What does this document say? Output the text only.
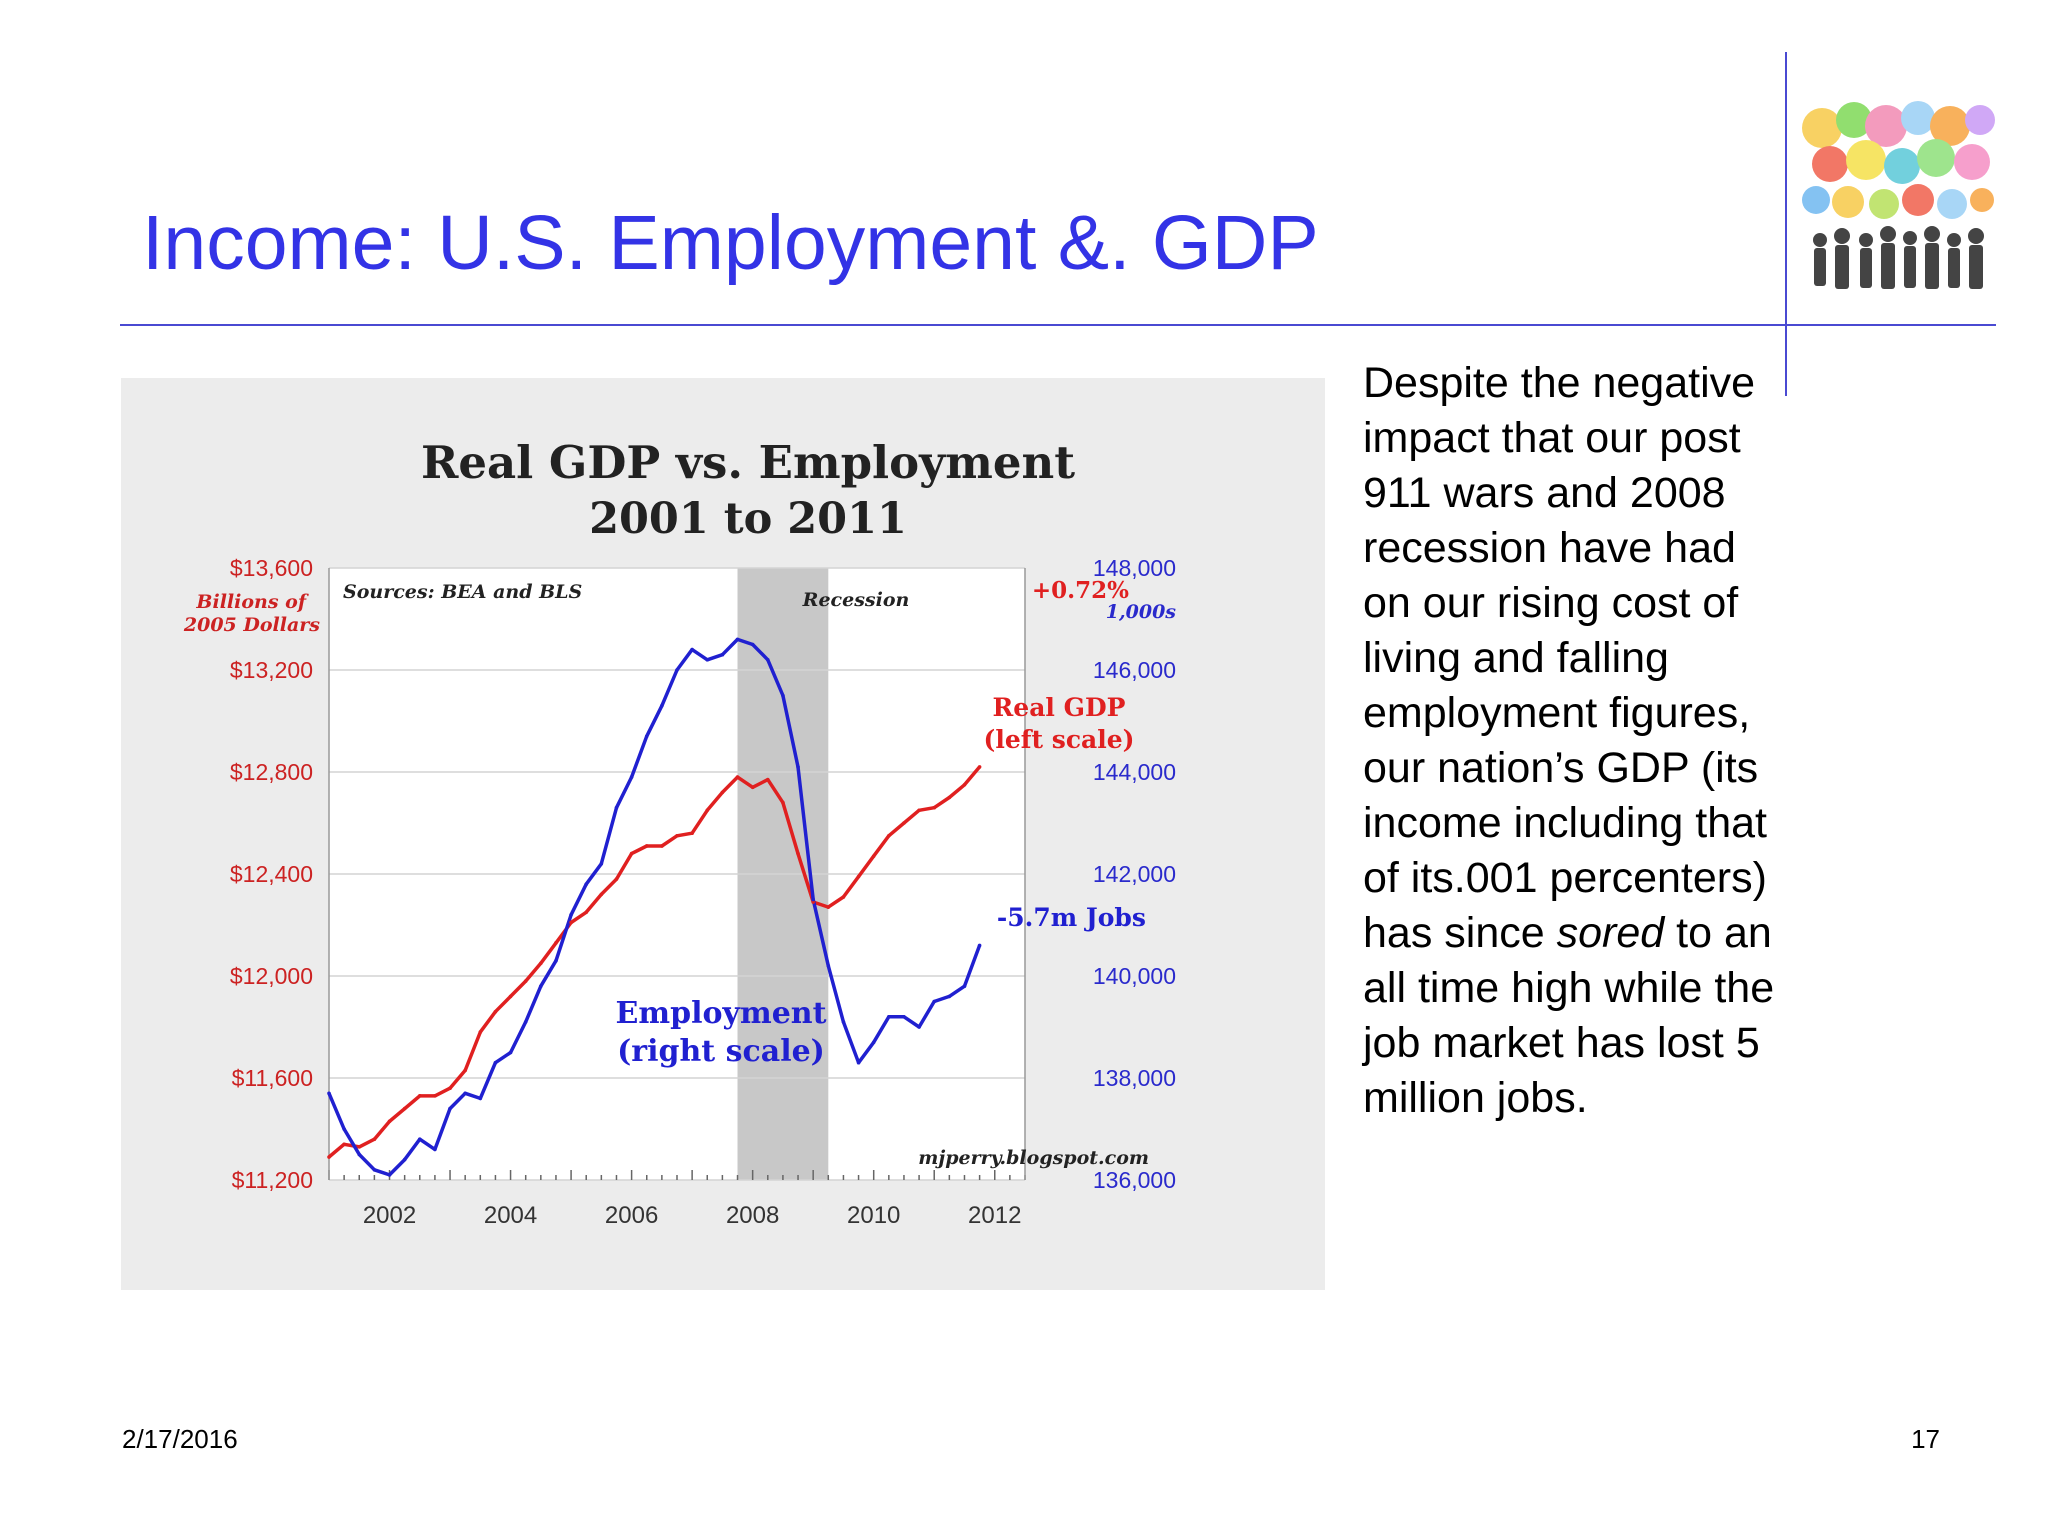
Income: U.S. Employment &. GDP
Real GDP vs. Employment
2001 to 2011
$11,200
$11,600
$12,000
$12,400
$12,800
$13,200
$13,600
136,000
138,000
140,000
142,000
144,000
146,000
148,000
2002	2004	2006	2008	2010	2012
Billions of
2005 Dollars
1,000s
Sources: BEA and BLS	Recession
mjperry.blogspot.com
+0.72%
Real GDP
(left scale)
-5.7m Jobs
Employment
(right scale)
Despite the negative impact that our post 911 wars and 2008 recession have had on our rising cost of living and falling employment figures, our nation’s GDP (its income including that of its.001 percenters) has since sored to an all time high while the job market has lost 5 million jobs.
2/17/2016	17
